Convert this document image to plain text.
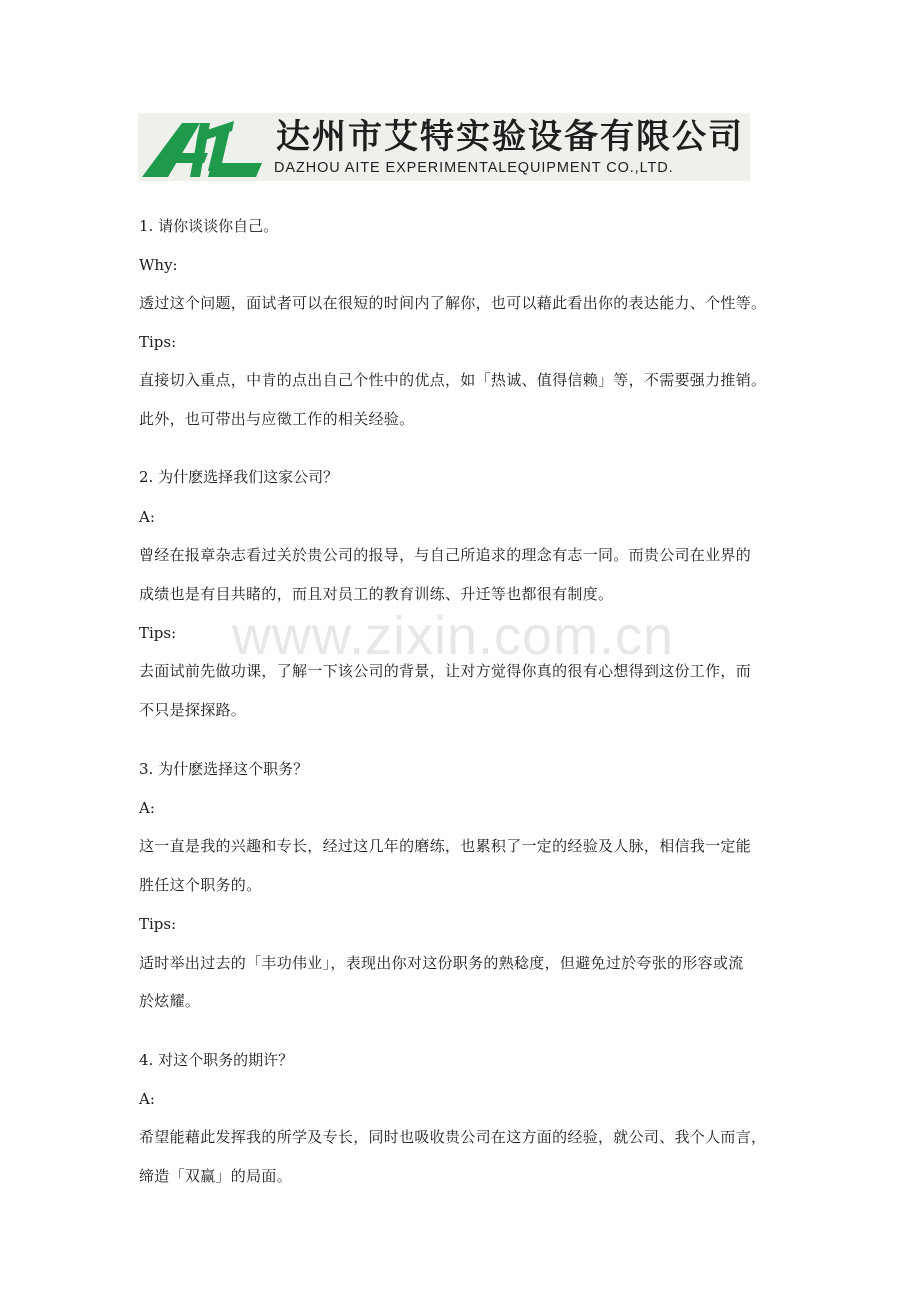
达州市艾特实验设备有限公司
DAZHOU AITE EXPERIMENTALEQUIPMENT CO.,LTD.
1. 请你谈谈你自己。
Why:
透过这个问题，面试者可以在很短的时间内了解你，也可以藉此看出你的表达能力、个性等。
Tips:
直接切入重点，中肯的点出自己个性中的优点，如「热诚、值得信赖」等，不需要强力推销。
此外，也可带出与应徵工作的相关经验。
2. 为什麽选择我们这家公司？
A:
曾经在报章杂志看过关於贵公司的报导，与自己所追求的理念有志一同。而贵公司在业界的
成绩也是有目共睹的，而且对员工的教育训练、升迁等也都很有制度。
Tips:
去面试前先做功课，了解一下该公司的背景，让对方觉得你真的很有心想得到这份工作，而
不只是探探路。
3. 为什麽选择这个职务？
A:
这一直是我的兴趣和专长，经过这几年的磨练，也累积了一定的经验及人脉，相信我一定能
胜任这个职务的。
Tips:
适时举出过去的「丰功伟业」，表现出你对这份职务的熟稔度，但避免过於夸张的形容或流
於炫耀。
4. 对这个职务的期许？
A:
希望能藉此发挥我的所学及专长，同时也吸收贵公司在这方面的经验，就公司、我个人而言，
缔造「双赢」的局面。
www.zixin.com.cn
